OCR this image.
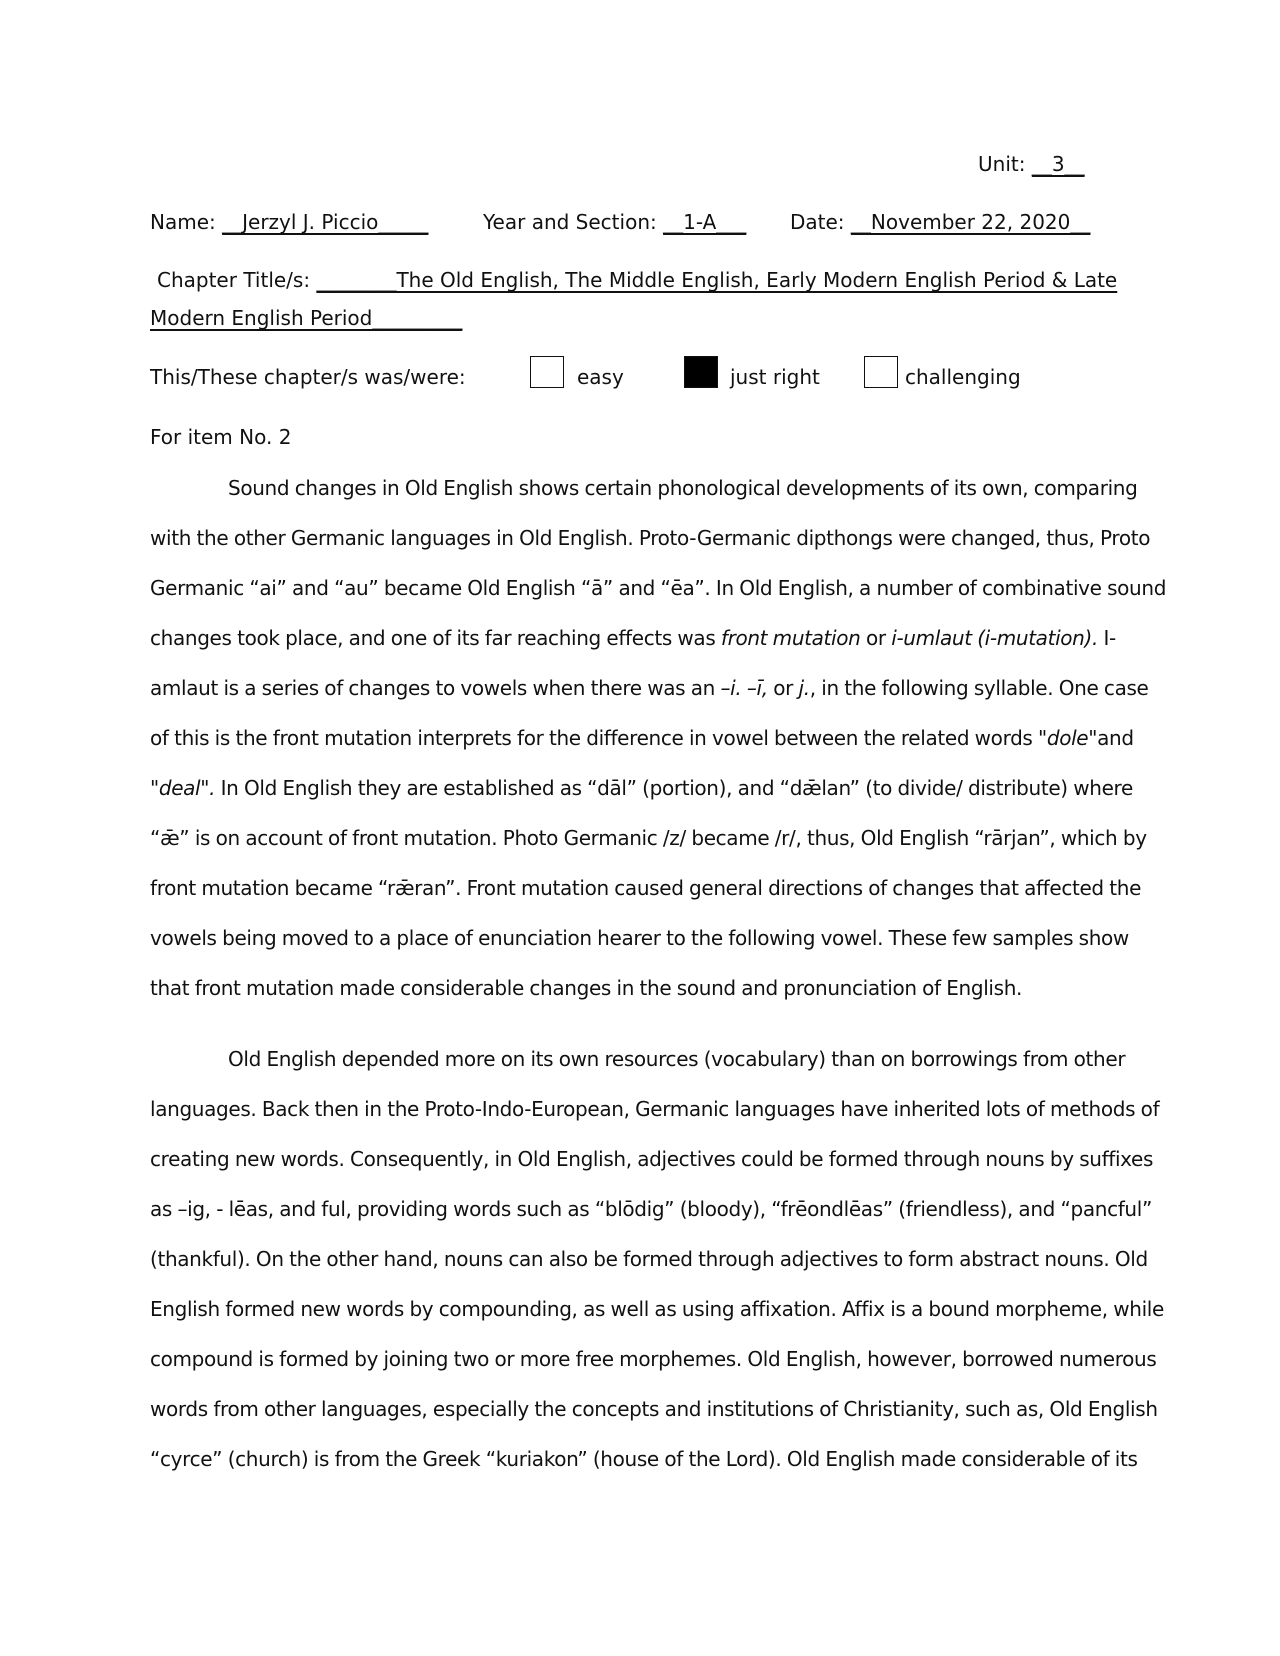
Unit: __3__
Name: __Jerzyl J. Piccio_____	Year and Section: __1-A___ Date: __November 22, 2020__
Chapter Title/s: ________The Old English, The Middle English, Early Modern English Period & Late
Modern English Period_________
This/These chapter/s was/were:	easy	just right	challenging
For item No. 2
Sound changes in Old English shows certain phonological developments of its own, comparing
with the other Germanic languages in Old English. Proto-Germanic dipthongs were changed, thus, Proto
Germanic “ai” and “au” became Old English “ā” and “ēa”. In Old English, a number of combinative sound
changes took place, and one of its far reaching effects was front mutation or i-umlaut (i-mutation). I-
amlaut is a series of changes to vowels when there was an –i. –ī, or j., in the following syllable. One case
of this is the front mutation interprets for the difference in vowel between the related words "dole"and
"deal". In Old English they are established as “dāl” (portion), and “dǣlan” (to divide/ distribute) where
“ǣ” is on account of front mutation. Photo Germanic /z/ became /r/, thus, Old English “rārjan”, which by
front mutation became “rǣran”. Front mutation caused general directions of changes that affected the
vowels being moved to a place of enunciation hearer to the following vowel. These few samples show
that front mutation made considerable changes in the sound and pronunciation of English.
Old English depended more on its own resources (vocabulary) than on borrowings from other
languages. Back then in the Proto-Indo-European, Germanic languages have inherited lots of methods of
creating new words. Consequently, in Old English, adjectives could be formed through nouns by suffixes
as –ig, - lēas, and ful, providing words such as “blōdig” (bloody), “frēondlēas” (friendless), and “pancful”
(thankful). On the other hand, nouns can also be formed through adjectives to form abstract nouns. Old
English formed new words by compounding, as well as using affixation. Affix is a bound morpheme, while
compound is formed by joining two or more free morphemes. Old English, however, borrowed numerous
words from other languages, especially the concepts and institutions of Christianity, such as, Old English
“cyrce” (church) is from the Greek “kuriakon” (house of the Lord). Old English made considerable of its
